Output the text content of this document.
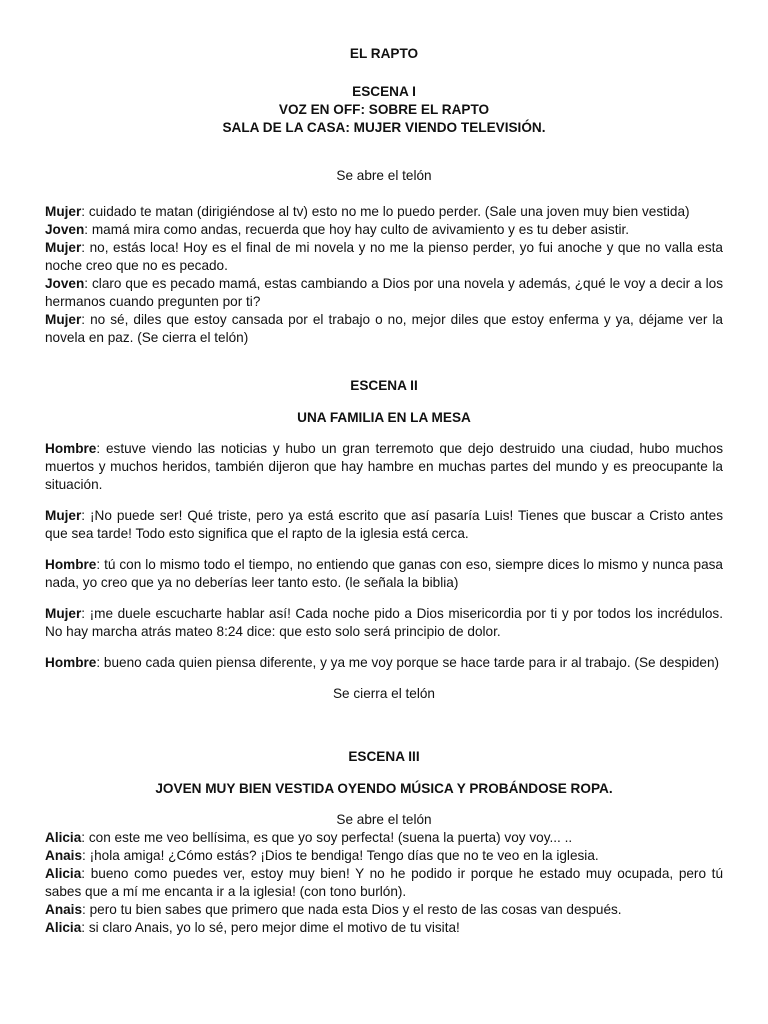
EL RAPTO

ESCENA I

VOZ EN OFF: SOBRE EL RAPTO

SALA DE LA CASA: MUJER VIENDO TELEVISIÓN.

Se abre el telón

Mujer: cuidado te matan (dirigiéndose al tv) esto no me lo puedo perder. (Sale una joven muy bien vestida)

Joven: mamá mira como andas, recuerda que hoy hay culto de avivamiento y es tu deber asistir.

Mujer: no, estás loca! Hoy es el final de mi novela y no me la pienso perder, yo fui anoche y que no valla esta noche creo que no es pecado.

Joven: claro que es pecado mamá, estas cambiando a Dios por una novela y además, ¿qué le voy a decir a los hermanos cuando pregunten por ti?

Mujer: no sé, diles que estoy cansada por el trabajo o no, mejor diles que estoy enferma y ya, déjame ver la novela en paz. (Se cierra el telón)

ESCENA II

UNA FAMILIA EN LA MESA

Hombre: estuve viendo las noticias y hubo un gran terremoto que dejo destruido una ciudad, hubo muchos muertos y muchos heridos, también dijeron que hay hambre en muchas partes del mundo y es preocupante la situación.

Mujer: ¡No puede ser! Qué triste, pero ya está escrito que así pasaría Luis! Tienes que buscar a Cristo antes que sea tarde! Todo esto significa que el rapto de la iglesia está cerca.

Hombre: tú con lo mismo todo el tiempo, no entiendo que ganas con eso, siempre dices lo mismo y nunca pasa nada, yo creo que ya no deberías leer tanto esto. (le señala la biblia)

Mujer: ¡me duele escucharte hablar así! Cada noche pido a Dios misericordia por ti y por todos los incrédulos. No hay marcha atrás mateo 8:24 dice: que esto solo será principio de dolor.

Hombre: bueno cada quien piensa diferente, y ya me voy porque se hace tarde para ir al trabajo. (Se despiden)

Se cierra el telón

ESCENA III

JOVEN MUY BIEN VESTIDA OYENDO MÚSICA Y PROBÁNDOSE ROPA.

Se abre el telón

Alicia: con este me veo bellísima, es que yo soy perfecta! (suena la puerta) voy voy... ..

Anais: ¡hola amiga! ¿Cómo estás? ¡Dios te bendiga! Tengo días que no te veo en la iglesia.

Alicia: bueno como puedes ver, estoy muy bien! Y no he podido ir porque he estado muy ocupada, pero tú sabes que a mí me encanta ir a la iglesia! (con tono burlón).

Anais: pero tu bien sabes que primero que nada esta Dios y el resto de las cosas van después.

Alicia: si claro Anais, yo lo sé, pero mejor dime el motivo de tu visita!
